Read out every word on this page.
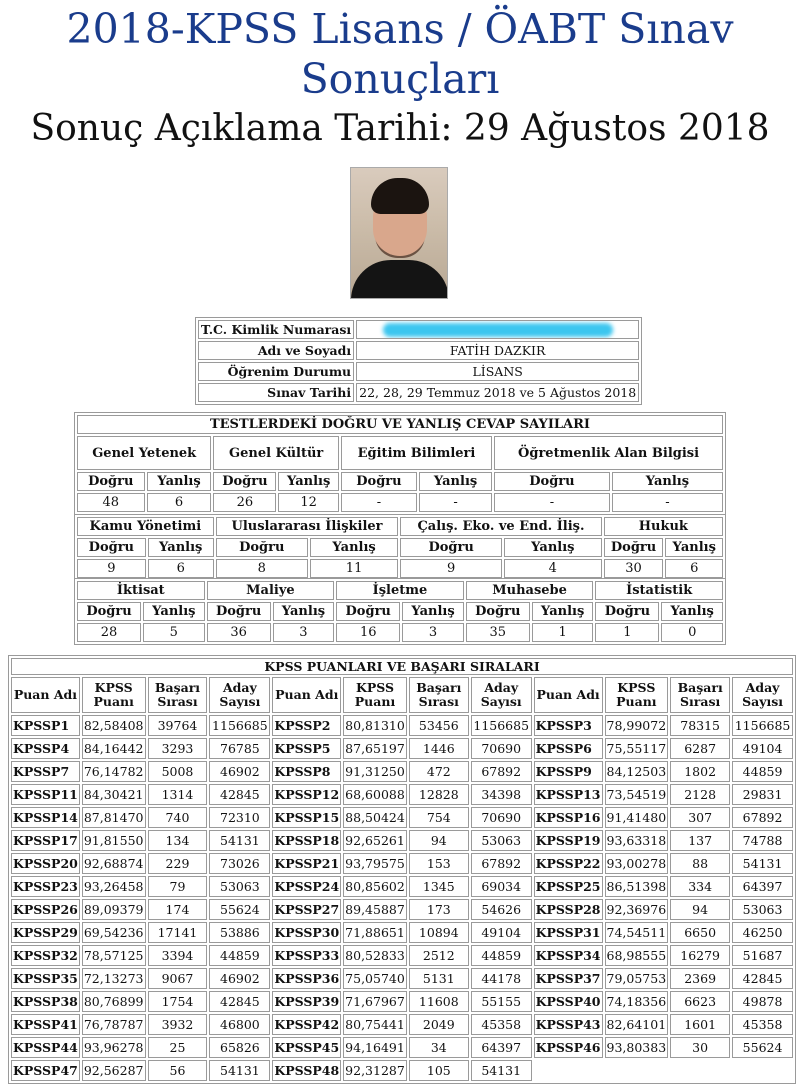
2018-KPSS Lisans / ÖABT Sınav Sonuçları
Sonuç Açıklama Tarihi: 29 Ağustos 2018
T.C. Kimlik Numarası	
Adı ve Soyadı	FATİH DAZKIR
Öğrenim Durumu	LİSANS
Sınav Tarihi	22, 28, 29 Temmuz 2018 ve 5 Ağustos 2018
TESTLERDEKİ DOĞRU VE YANLIŞ CEVAP SAYILARI							
Genel Yetenek		Genel Kültür		Eğitim Bilimleri		Öğretmenlik Alan Bilgisi	
Doğru	Yanlış	Doğru	Yanlış	Doğru	Yanlış	Doğru	Yanlış
48	6	26	12	-	-	-	-
Kamu Yönetimi		Uluslararası İlişkiler		Çalış. Eko. ve End. İliş.		Hukuk	
Doğru	Yanlış	Doğru	Yanlış	Doğru	Yanlış	Doğru	Yanlış
9	6	8	11	9	4	30	6
İktisat		Maliye		İşletme		Muhasebe		İstatistik	
Doğru	Yanlış	Doğru	Yanlış	Doğru	Yanlış	Doğru	Yanlış	Doğru	Yanlış
28	5	36	3	16	3	35	1	1	0
KPSS PUANLARI VE BAŞARI SIRALARI											
Puan Adı	KPSS Puanı	Başarı Sırası	Aday Sayısı	Puan Adı	KPSS Puanı	Başarı Sırası	Aday Sayısı	Puan Adı	KPSS Puanı	Başarı Sırası	Aday Sayısı
KPSSP1	82,58408	39764	1156685	KPSSP2	80,81310	53456	1156685	KPSSP3	78,99072	78315	1156685
KPSSP4	84,16442	3293	76785	KPSSP5	87,65197	1446	70690	KPSSP6	75,55117	6287	49104
KPSSP7	76,14782	5008	46902	KPSSP8	91,31250	472	67892	KPSSP9	84,12503	1802	44859
KPSSP11	84,30421	1314	42845	KPSSP12	68,60088	12828	34398	KPSSP13	73,54519	2128	29831
KPSSP14	87,81470	740	72310	KPSSP15	88,50424	754	70690	KPSSP16	91,41480	307	67892
KPSSP17	91,81550	134	54131	KPSSP18	92,65261	94	53063	KPSSP19	93,63318	137	74788
KPSSP20	92,68874	229	73026	KPSSP21	93,79575	153	67892	KPSSP22	93,00278	88	54131
KPSSP23	93,26458	79	53063	KPSSP24	80,85602	1345	69034	KPSSP25	86,51398	334	64397
KPSSP26	89,09379	174	55624	KPSSP27	89,45887	173	54626	KPSSP28	92,36976	94	53063
KPSSP29	69,54236	17141	53886	KPSSP30	71,88651	10894	49104	KPSSP31	74,54511	6650	46250
KPSSP32	78,57125	3394	44859	KPSSP33	80,52833	2512	44859	KPSSP34	68,98555	16279	51687
KPSSP35	72,13273	9067	46902	KPSSP36	75,05740	5131	44178	KPSSP37	79,05753	2369	42845
KPSSP38	80,76899	1754	42845	KPSSP39	71,67967	11608	55155	KPSSP40	74,18356	6623	49878
KPSSP41	76,78787	3932	46800	KPSSP42	80,75441	2049	45358	KPSSP43	82,64101	1601	45358
KPSSP44	93,96278	25	65826	KPSSP45	94,16491	34	64397	KPSSP46	93,80383	30	55624
KPSSP47	92,56287	56	54131	KPSSP48	92,31287	105	54131				
